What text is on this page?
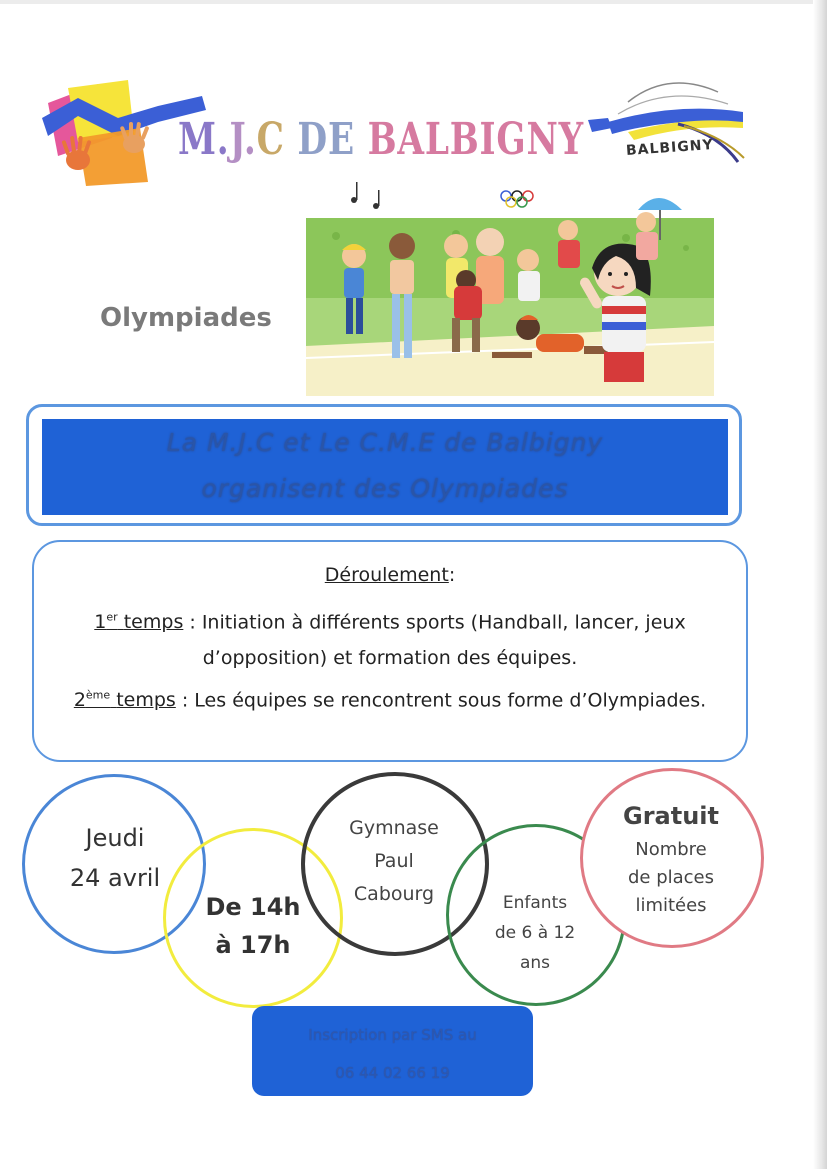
M.J.C DE BALBIGNY	BALBIGNY
Olympiades
La M.J.C et Le C.M.E de Balbigny
organisent des Olympiades
Déroulement:
1er temps : Initiation à différents sports (Handball, lancer, jeux d’opposition) et formation des équipes.
2ème temps : Les équipes se rencontrent sous forme d’Olympiades.
Jeudi
24 avril
De 14h
à 17h
Gymnase
Paul
Cabourg	Enfants
de 6 à 12
ans
Gratuit
Nombre
de places
limitées
Inscription par SMS au
06 44 02 66 19
